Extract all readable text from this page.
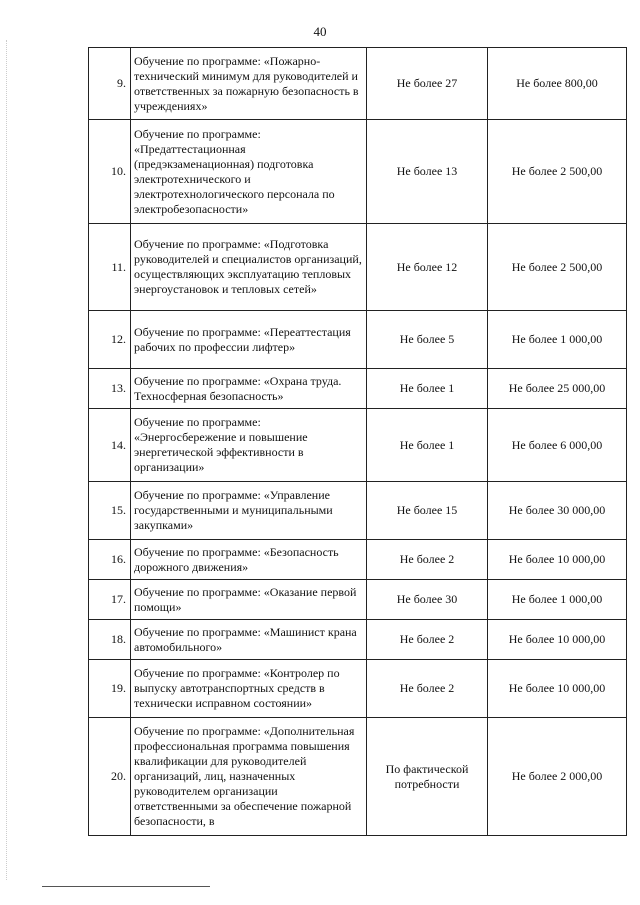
40
9.	Обучение по программе: «Пожарно-технический минимум для руководителей и ответственных за пожарную безопасность в учреждениях»	Не более 27	Не более 800,00
10.	Обучение по программе: «Предаттестационная (предэкзаменационная) подготовка электротехнического и электротехнологического персонала по электробезопасности»	Не более 13	Не более 2 500,00
11.	Обучение по программе: «Подготовка руководителей и специалистов организаций, осуществляющих эксплуатацию тепловых энергоустановок и тепловых сетей»	Не более 12	Не более 2 500,00
12.	Обучение по программе: «Переаттестация рабочих по профессии лифтер»	Не более 5	Не более 1 000,00
13.	Обучение по программе: «Охрана труда. Техносферная безопасность»	Не более 1	Не более 25 000,00
14.	Обучение по программе: «Энергосбережение и повышение энергетической эффективности в организации»	Не более 1	Не более 6 000,00
15.	Обучение по программе: «Управление государственными и муниципальными закупками»	Не более 15	Не более 30 000,00
16.	Обучение по программе: «Безопасность дорожного движения»	Не более 2	Не более 10 000,00
17.	Обучение по программе: «Оказание первой помощи»	Не более 30	Не более 1 000,00
18.	Обучение по программе: «Машинист крана автомобильного»	Не более 2	Не более 10 000,00
19.	Обучение по программе: «Контролер по выпуску автотранспортных средств в технически исправном состоянии»	Не более 2	Не более 10 000,00
20.	Обучение по программе: «Дополнительная профессиональная программа повышения квалификации для руководителей организаций, лиц, назначенных руководителем организации ответственными за обеспечение пожарной безопасности, в	По фактической потребности	Не более 2 000,00
